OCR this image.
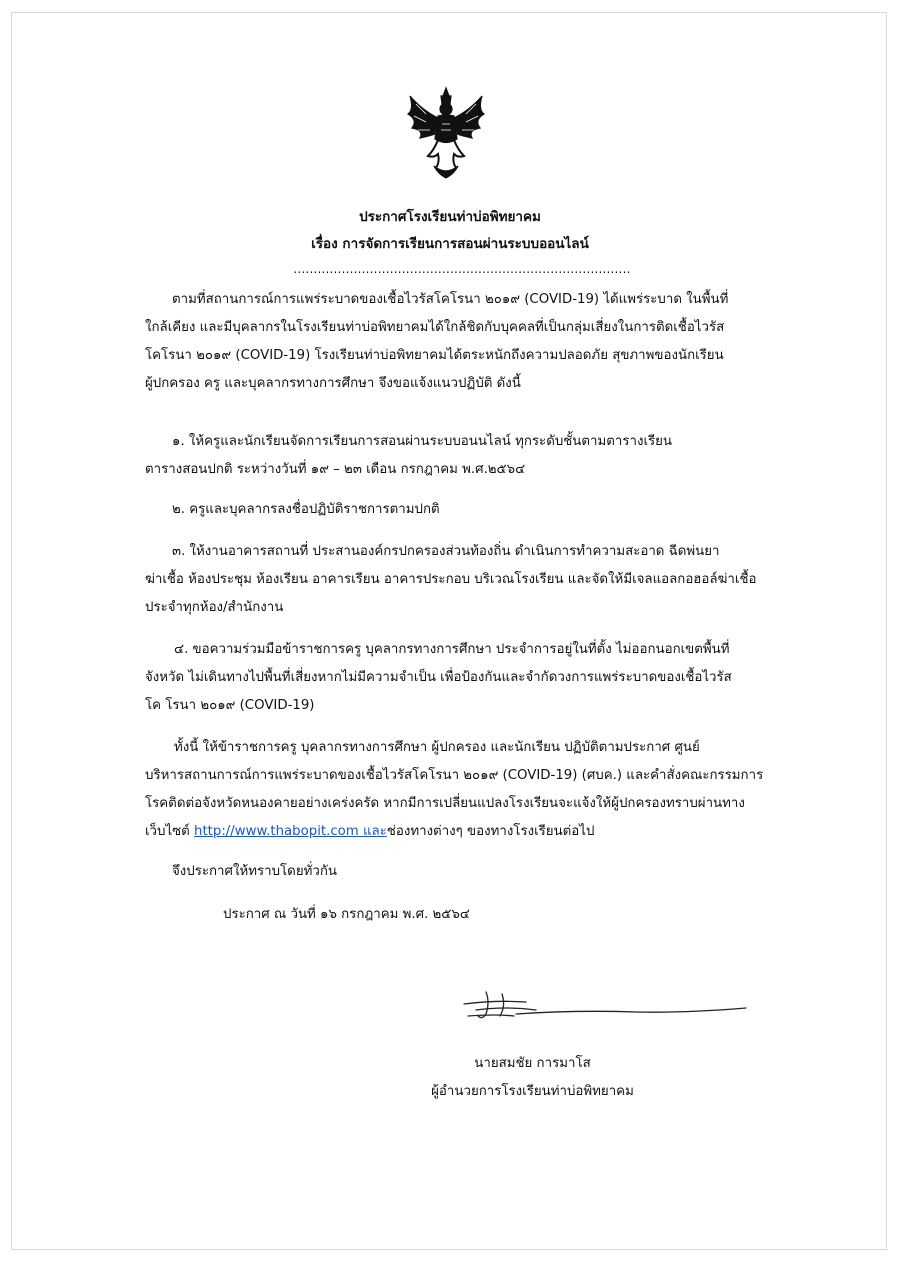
ประกาศโรงเรียนท่าบ่อพิทยาคม
เรื่อง การจัดการเรียนการสอนผ่านระบบออนไลน์
....................................................................................
ตามที่สถานการณ์การแพร่ระบาดของเชื้อไวรัสโคโรนา ๒๐๑๙ (COVID-19) ได้แพร่ระบาด ในพื้นที่
ใกล้เคียง และมีบุคลากรในโรงเรียนท่าบ่อพิทยาคมได้ใกล้ชิดกับบุคคลที่เป็นกลุ่มเสี่ยงในการติดเชื้อไวรัส
โคโรนา ๒๐๑๙ (COVID-19) โรงเรียนท่าบ่อพิทยาคมได้ตระหนักถึงความปลอดภัย สุขภาพของนักเรียน
ผู้ปกครอง ครู และบุคลากรทางการศึกษา จึงขอแจ้งแนวปฏิบัติ ดังนี้
๑. ให้ครูและนักเรียนจัดการเรียนการสอนผ่านระบบอนนไลน์ ทุกระดับชั้นตามตารางเรียน
ตารางสอนปกติ ระหว่างวันที่ ๑๙ – ๒๓ เดือน กรกฎาคม พ.ศ.๒๕๖๔
๒. ครูและบุคลากรลงชื่อปฏิบัติราชการตามปกติ
๓. ให้งานอาคารสถานที่ ประสานองค์กรปกครองส่วนท้องถิ่น ดำเนินการทำความสะอาด ฉีดพ่นยา
ฆ่าเชื้อ ห้องประชุม ห้องเรียน อาคารเรียน อาคารประกอบ บริเวณโรงเรียน และจัดให้มีเจลแอลกอฮอล์ฆ่าเชื้อ
ประจำทุกห้อง/สำนักงาน
๔. ขอความร่วมมือข้าราชการครู บุคลากรทางการศึกษา ประจำการอยู่ในที่ตั้ง ไม่ออกนอกเขตพื้นที่
จังหวัด ไม่เดินทางไปพื้นที่เสี่ยงหากไม่มีความจำเป็น เพื่อป้องกันและจำกัดวงการแพร่ระบาดของเชื้อไวรัส
โค โรนา ๒๐๑๙ (COVID-19)
ทั้งนี้ ให้ข้าราชการครู บุคลากรทางการศึกษา ผู้ปกครอง และนักเรียน ปฏิบัติตามประกาศ ศูนย์
บริหารสถานการณ์การแพร่ระบาดของเชื้อไวรัสโคโรนา ๒๐๑๙ (COVID-19) (ศบค.) และคำสั่งคณะกรรมการ
โรคติดต่อจังหวัดหนองคายอย่างเคร่งครัด หากมีการเปลี่ยนแปลงโรงเรียนจะแจ้งให้ผู้ปกครองทราบผ่านทาง
เว็บไซต์ http://www.thabopit.com และช่องทางต่างๆ ของทางโรงเรียนต่อไป
จึงประกาศให้ทราบโดยทั่วกัน
ประกาศ ณ วันที่ ๑๖ กรกฎาคม พ.ศ. ๒๕๖๔
นายสมชัย การมาโส
ผู้อำนวยการโรงเรียนท่าบ่อพิทยาคม
